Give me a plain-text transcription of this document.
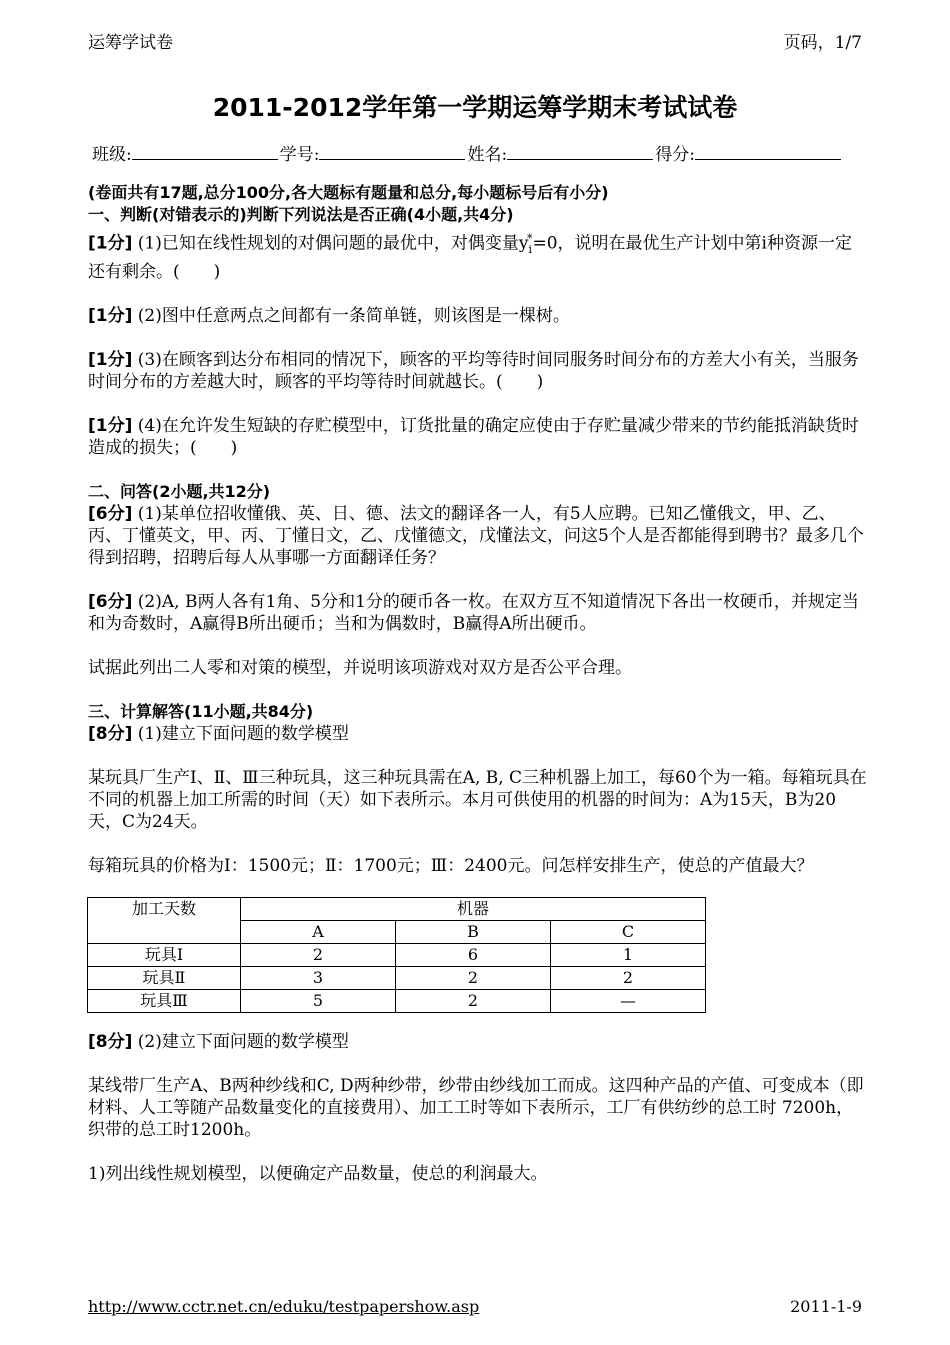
运筹学试卷	页码，1/7
2011-2012学年第一学期运筹学期末考试试卷
班级:	学号:	姓名:	得分:

(卷面共有17题,总分100分,各大题标有题量和总分,每小题标号后有小分)

一、判断(对错表示的)判断下列说法是否正确(4小题,共4分)

[1分] (1)已知在线性规划的对偶问题的最优中，对偶变量$y_i^*=0$，说明在最优生产计划中第i种资源一定还有剩余。(　　)

[1分] (2)图中任意两点之间都有一条简单链，则该图是一棵树。

[1分] (3)在顾客到达分布相同的情况下，顾客的平均等待时间同服务时间分布的方差大小有关，当服务时间分布的方差越大时，顾客的平均等待时间就越长。(　　)

[1分] (4)在允许发生短缺的存贮模型中，订货批量的确定应使由于存贮量减少带来的节约能抵消缺货时造成的损失；(　　)

二、问答(2小题,共12分)

[6分] (1)某单位招收懂俄、英、日、德、法文的翻译各一人，有5人应聘。已知乙懂俄文，甲、乙、丙、丁懂英文，甲、丙、丁懂日文，乙、戊懂德文，戊懂法文，问这5个人是否都能得到聘书？最多几个得到招聘，招聘后每人从事哪一方面翻译任务？

[6分] (2)A, B两人各有1角、5分和1分的硬币各一枚。在双方互不知道情况下各出一枚硬币，并规定当和为奇数时，A赢得B所出硬币；当和为偶数时，B赢得A所出硬币。

试据此列出二人零和对策的模型，并说明该项游戏对双方是否公平合理。

三、计算解答(11小题,共84分)

[8分] (1)建立下面问题的数学模型

某玩具厂生产Ⅰ、Ⅱ、Ⅲ三种玩具，这三种玩具需在A, B, C三种机器上加工，每60个为一箱。每箱玩具在不同的机器上加工所需的时间（天）如下表所示。本月可供使用的机器的时间为：A为15天，B为20天，C为24天。

每箱玩具的价格为Ⅰ：1500元；Ⅱ：1700元；Ⅲ：2400元。问怎样安排生产，使总的产值最大？

加工天数	机器		
	A	B	C
玩具Ⅰ	2	6	1
玩具Ⅱ	3	2	2
玩具Ⅲ	5	2	—

[8分] (2)建立下面问题的数学模型

某线带厂生产A、B两种纱线和C, D两种纱带，纱带由纱线加工而成。这四种产品的产值、可变成本（即材料、人工等随产品数量变化的直接费用）、加工工时等如下表所示，工厂有供纺纱的总工时 7200h，织带的总工时1200h。

1)列出线性规划模型，以便确定产品数量，使总的利润最大。

http://www.cctr.net.cn/eduku/testpapershow.asp	2011-1-9
